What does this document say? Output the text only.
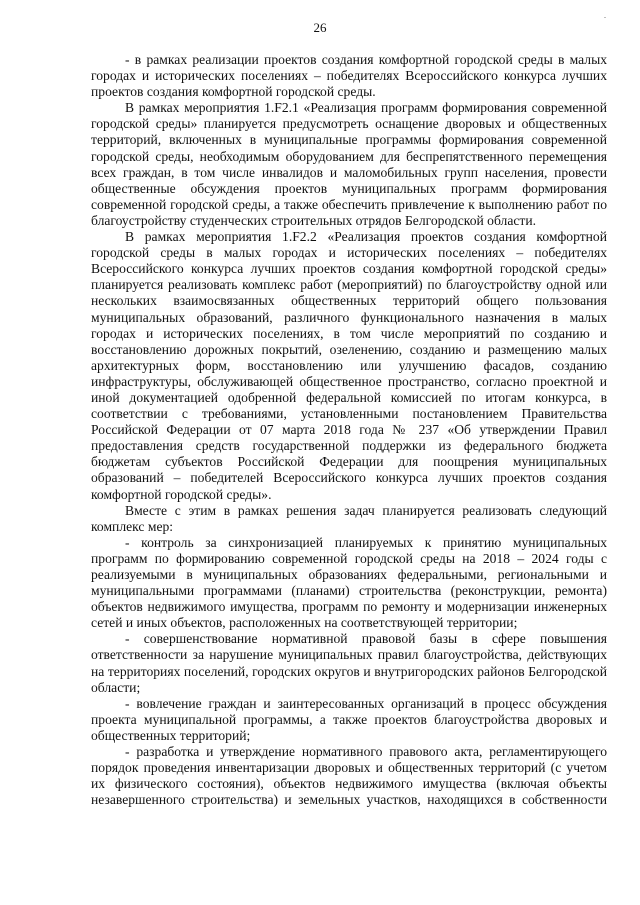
26
.

- в рамках реализации проектов создания комфортной городской среды в малых городах и исторических поселениях – победителях Всероссийского конкурса лучших проектов создания комфортной городской среды.

В рамках мероприятия 1.F2.1 «Реализация программ формирования современной городской среды» планируется предусмотреть оснащение дворовых и общественных территорий, включенных в муниципальные программы формирования современной городской среды, необходимым оборудованием для беспрепятственного перемещения всех граждан, в том числе инвалидов и маломобильных групп населения, провести общественные обсуждения проектов муниципальных программ формирования современной городской среды, а также обеспечить привлечение к выполнению работ по благоустройству студенческих строительных отрядов Белгородской области.

В рамках мероприятия 1.F2.2 «Реализация проектов создания комфортной городской среды в малых городах и исторических поселениях – победителях Всероссийского конкурса лучших проектов создания комфортной городской среды» планируется реализовать комплекс работ (мероприятий) по благоустройству одной или нескольких взаимосвязанных общественных территорий общего пользования муниципальных образований, различного функционального назначения в малых городах и исторических поселениях, в том числе мероприятий по созданию и восстановлению дорожных покрытий, озеленению, созданию и размещению малых архитектурных форм, восстановлению или улучшению фасадов, созданию инфраструктуры, обслуживающей общественное пространство, согласно проектной и иной документацией одобренной федеральной комиссией по итогам конкурса, в соответствии с требованиями, установленными постановлением Правительства Российской Федерации от 07 марта 2018 года № 237 «Об утверждении Правил предоставления средств государственной поддержки из федерального бюджета бюджетам субъектов Российской Федерации для поощрения муниципальных образований – победителей Всероссийского конкурса лучших проектов создания комфортной городской среды».

Вместе с этим в рамках решения задач планируется реализовать следующий комплекс мер:

- контроль за синхронизацией планируемых к принятию муниципальных программ по формированию современной городской среды на 2018 – 2024 годы с реализуемыми в муниципальных образованиях федеральными, региональными и муниципальными программами (планами) строительства (реконструкции, ремонта) объектов недвижимого имущества, программ по ремонту и модернизации инженерных сетей и иных объектов, расположенных на соответствующей территории;

- совершенствование нормативной правовой базы в сфере повышения ответственности за нарушение муниципальных правил благоустройства, действующих на территориях поселений, городских округов и внутригородских районов Белгородской области;

- вовлечение граждан и заинтересованных организаций в процесс обсуждения проекта муниципальной программы, а также проектов благоустройства дворовых и общественных территорий;

- разработка и утверждение нормативного правового акта, регламентирующего порядок проведения инвентаризации дворовых и общественных территорий (с учетом их физического состояния), объектов недвижимого имущества (включая объекты незавершенного строительства) и земельных участков, находящихся в собственности
